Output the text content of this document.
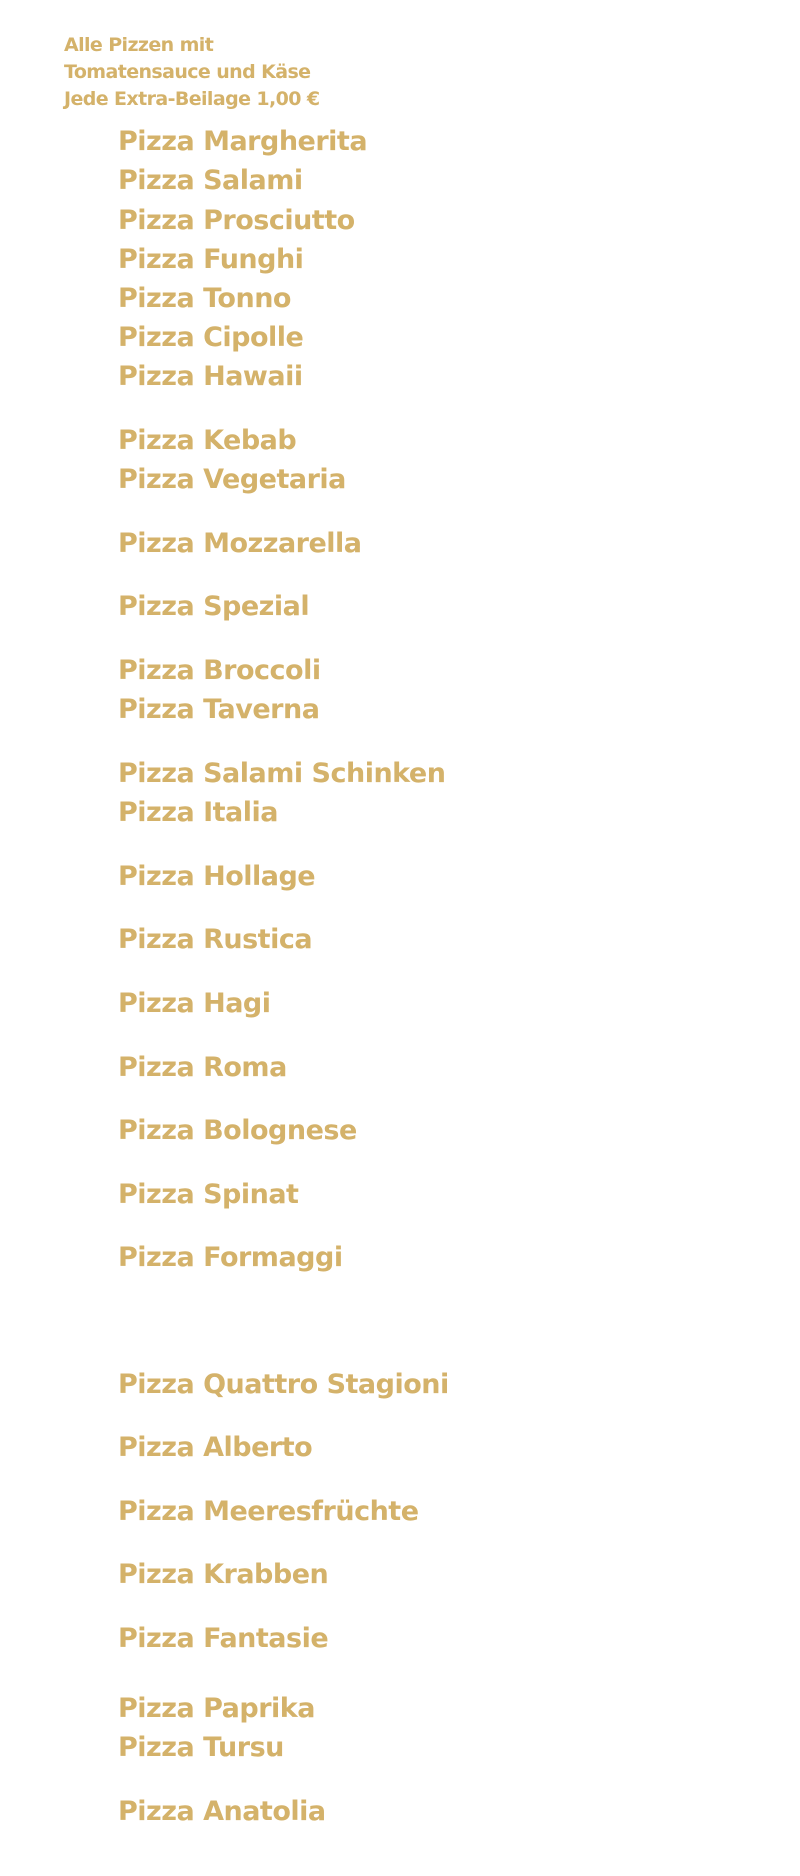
Alle Pizzen mit
Tomatensauce und Käse
Jede Extra-Beilage 1,00 €
Pizza Margherita
Pizza Salami
Pizza Prosciutto
Pizza Funghi
Pizza Tonno
Pizza Cipolle
Pizza Hawaii
Pizza Kebab
Pizza Vegetaria
Pizza Mozzarella
Pizza Spezial
Pizza Broccoli
Pizza Taverna
Pizza Salami Schinken
Pizza Italia
Pizza Hollage
Pizza Rustica
Pizza Hagi
Pizza Roma
Pizza Bolognese
Pizza Spinat
Pizza Formaggi
Pizza Quattro Stagioni
Pizza Alberto
Pizza Meeresfrüchte
Pizza Krabben
Pizza Fantasie
Pizza Paprika
Pizza Tursu
Pizza Anatolia
